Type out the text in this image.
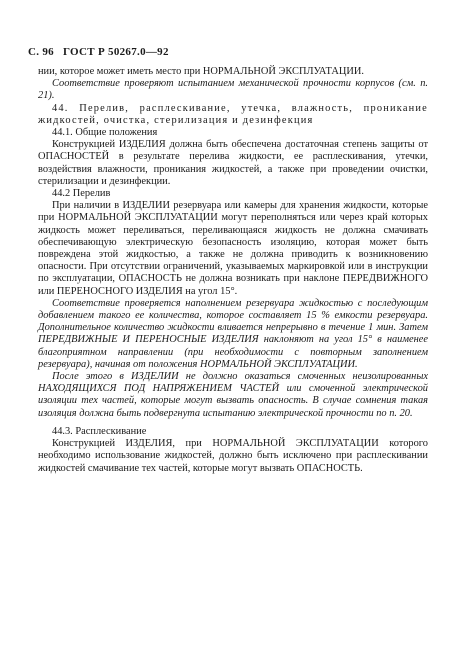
С. 96 ГОСТ Р 50267.0—92

нии, которое может иметь место при НОРМАЛЬНОЙ ЭКСПЛУАТАЦИИ.

Соответствие проверяют испытанием механической прочности корпусов (см. п. 21).

44. Перелив, расплескивание, утечка, влажность, проникание жидкостей, очистка, стерилизация и дезинфекция

44.1. Общие положения

Конструкцией ИЗДЕЛИЯ должна быть обеспечена достаточная степень защиты от ОПАСНОСТЕЙ в результате перелива жидкости, ее расплескивания, утечки, воздействия влажности, проникания жидкостей, а также при проведении очистки, стерилизации и дезинфекции.

44.2 Перелив

При наличии в ИЗДЕЛИИ резервуара или камеры для хранения жидкости, которые при НОРМАЛЬНОЙ ЭКСПЛУАТАЦИИ могут переполняться или через край которых жидкость может переливаться, переливающаяся жидкость не должна смачивать обеспечивающую электрическую безопасность изоляцию, которая может быть повреждена этой жидкостью, а также не должна приводить к возникновению опасности. При отсутствии ограничений, указываемых маркировкой или в инструкции по эксплуатации, ОПАСНОСТЬ не должна возникать при наклоне ПЕРЕДВИЖНОГО или ПЕРЕНОСНОГО ИЗДЕЛИЯ на угол 15°.

Соответствие проверяется наполнением резервуара жидкостью с последующим добавлением такого ее количества, которое составляет 15 % емкости резервуара. Дополнительное количество жидкости вливается непрерывно в течение 1 мин. Затем ПЕРЕДВИЖНЫЕ И ПЕРЕНОСНЫЕ ИЗДЕЛИЯ наклоняют на угол 15° в наименее благоприятном направлении (при необходимости с повторным заполнением резервуара), начиная от положения НОРМАЛЬНОЙ ЭКСПЛУАТАЦИИ.

После этого в ИЗДЕЛИИ не должно оказаться смоченных неизолированных НАХОДЯЩИХСЯ ПОД НАПРЯЖЕНИЕМ ЧАСТЕЙ или смоченной электрической изоляции тех частей, которые могут вызвать опасность. В случае сомнения такая изоляция должна быть подвергнута испытанию электрической прочности по п. 20.

44.3. Расплескивание

Конструкцией ИЗДЕЛИЯ, при НОРМАЛЬНОЙ ЭКСПЛУАТАЦИИ которого необходимо использование жидкостей, должно быть исключено при расплескивании жидкостей смачивание тех частей, которые могут вызвать ОПАСНОСТЬ.
